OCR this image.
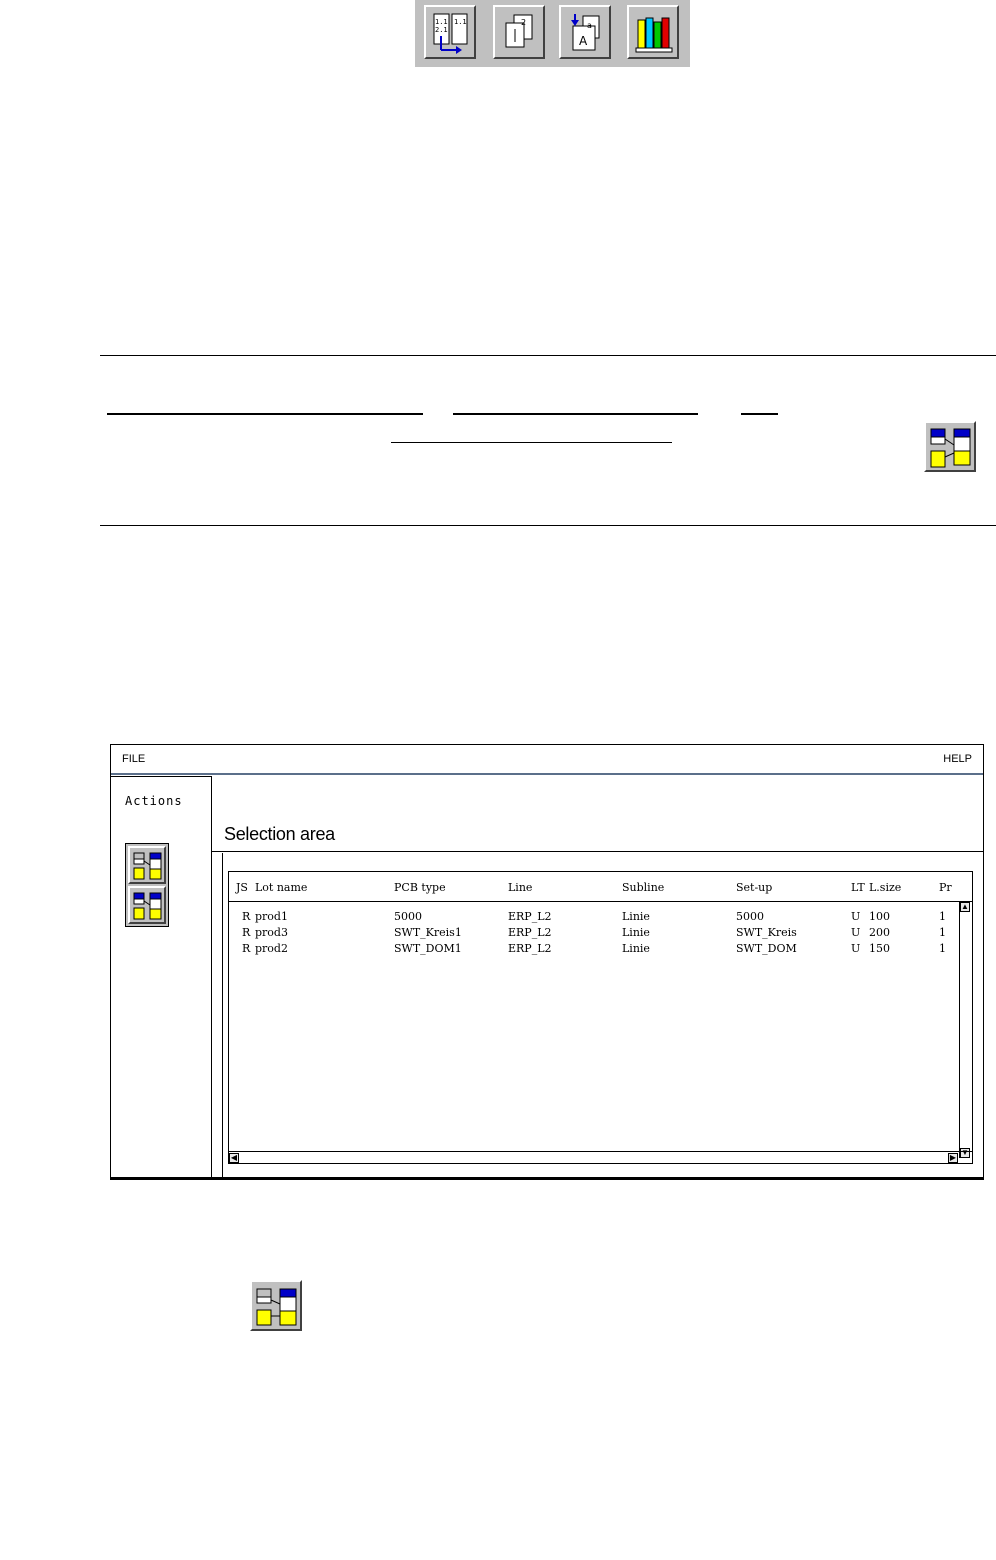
1.1
2.1
1.1	2
A
a
FILE	HELP
Actions
Selection area
JS Lot name	PCB type	Line	Subline	Set-up	LT L.size	Pr
R prod1	5000	ERP_L2	Linie	5000	U 100	1
R prod3	SWT_Kreis1	ERP_L2	Linie	SWT_Kreis	U 200	1
R prod2	SWT_DOM1	ERP_L2	Linie	SWT_DOM	U 150	1
▲
▼
◀	▶
